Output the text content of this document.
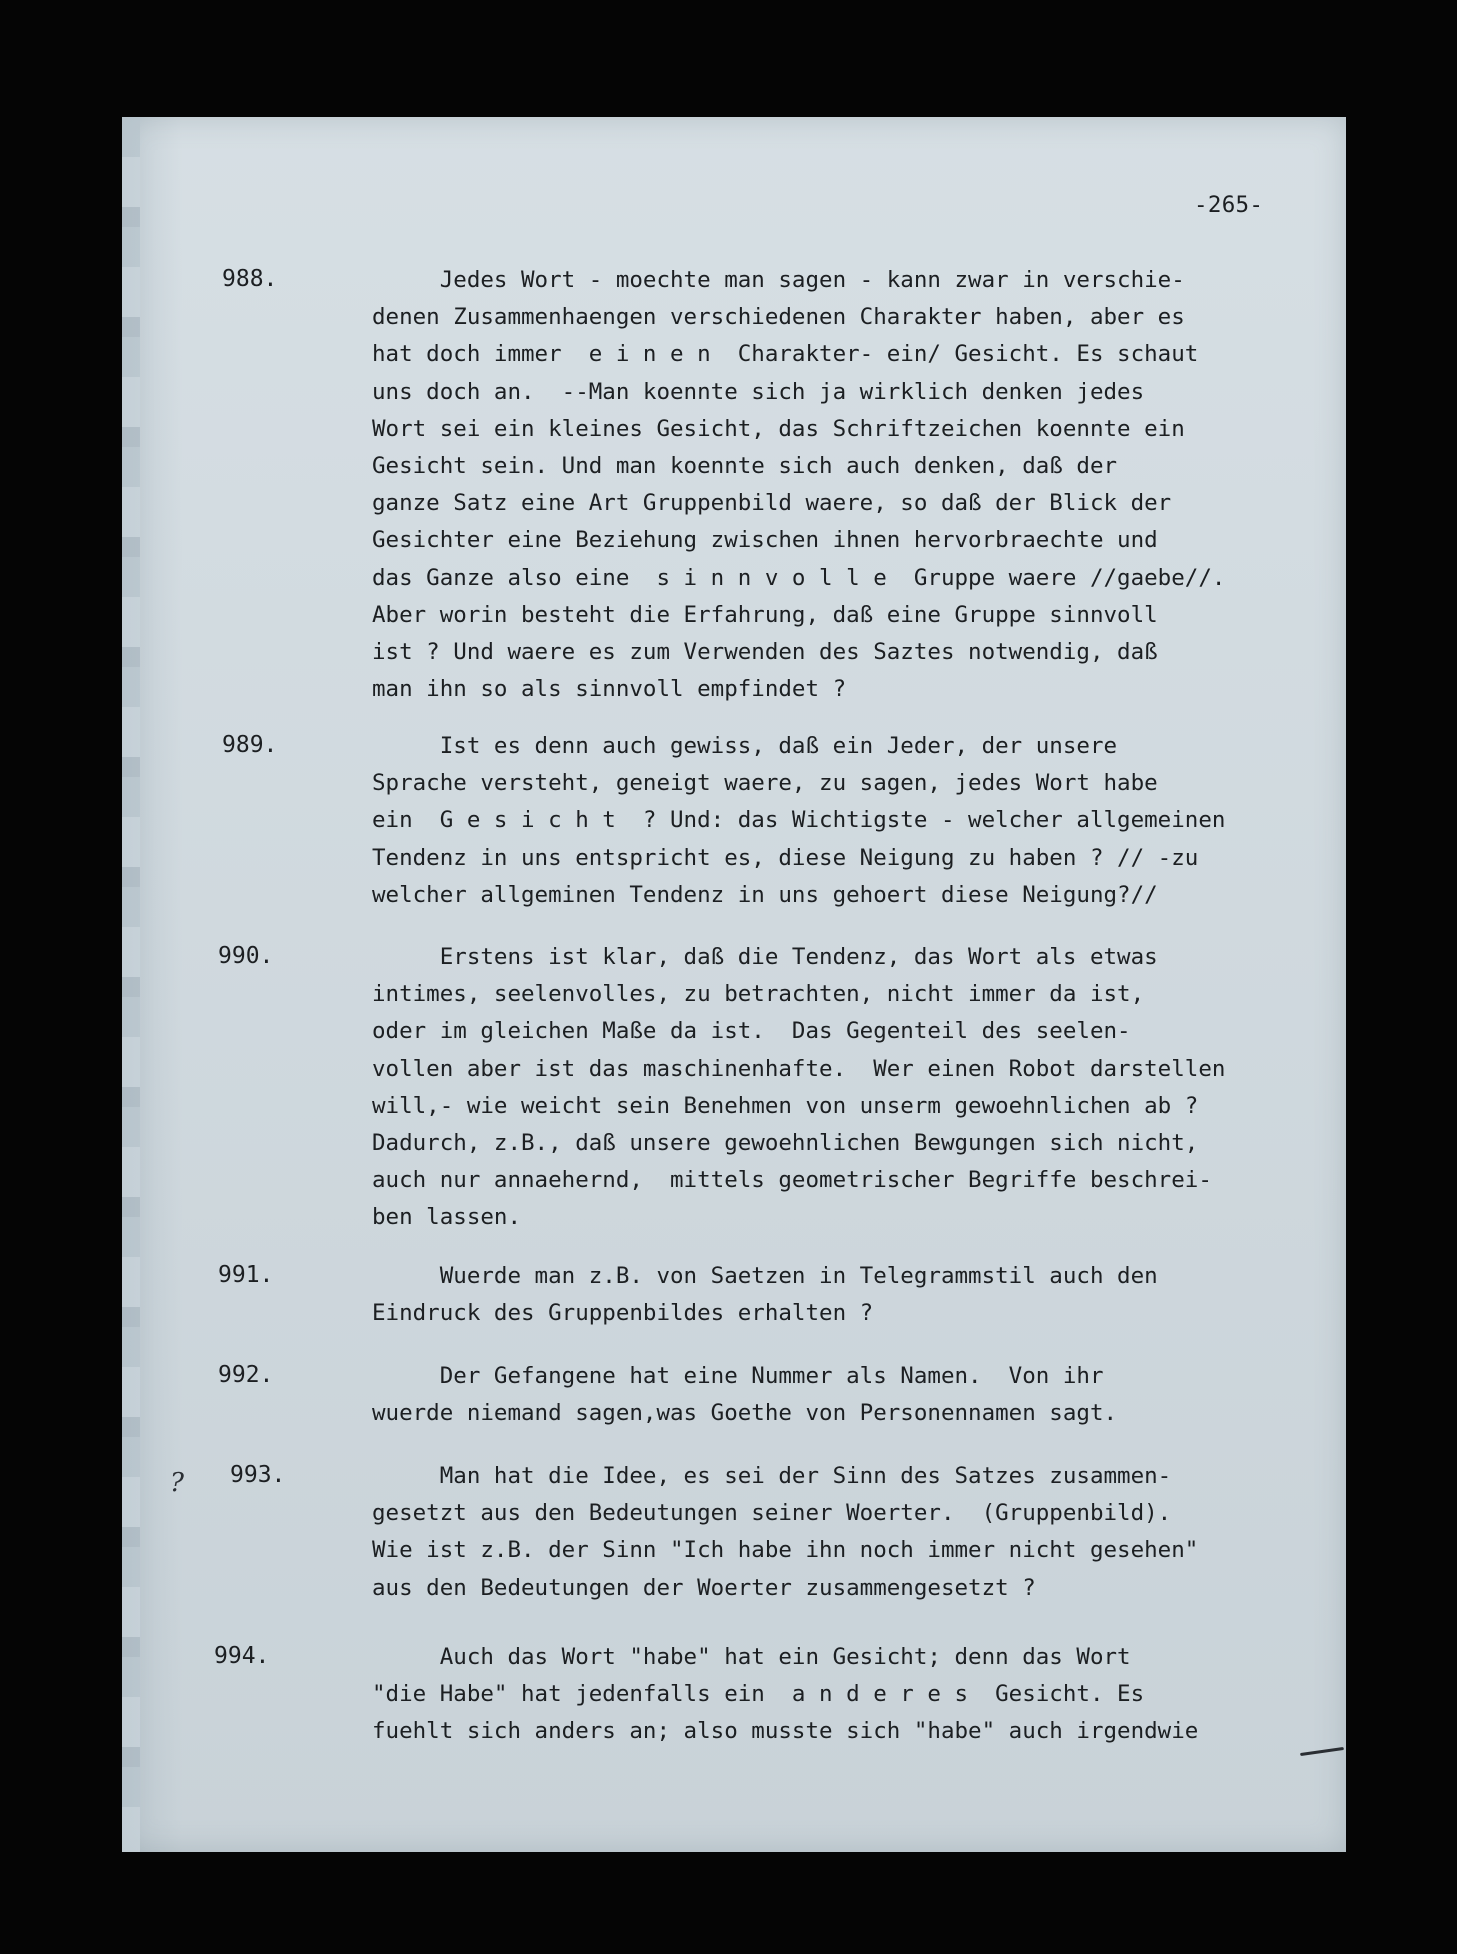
-265-
?
988.	Jedes Wort - moechte man sagen - kann zwar in verschie-
denen Zusammenhaengen verschiedenen Charakter haben, aber es
hat doch immer  e i n e n  Charakter- ein/ Gesicht. Es schaut
uns doch an.  --Man koennte sich ja wirklich denken jedes
Wort sei ein kleines Gesicht, das Schriftzeichen koennte ein
Gesicht sein. Und man koennte sich auch denken, daß der
ganze Satz eine Art Gruppenbild waere, so daß der Blick der
Gesichter eine Beziehung zwischen ihnen hervorbraechte und
das Ganze also eine  s i n n v o l l e  Gruppe waere //gaebe//.
Aber worin besteht die Erfahrung, daß eine Gruppe sinnvoll
ist ? Und waere es zum Verwenden des Saztes notwendig, daß
man ihn so als sinnvoll empfindet ?
989.	Ist es denn auch gewiss, daß ein Jeder, der unsere
Sprache versteht, geneigt waere, zu sagen, jedes Wort habe
ein  G e s i c h t  ? Und: das Wichtigste - welcher allgemeinen
Tendenz in uns entspricht es, diese Neigung zu haben ? // -zu
welcher allgeminen Tendenz in uns gehoert diese Neigung?//
990.	Erstens ist klar, daß die Tendenz, das Wort als etwas
intimes, seelenvolles, zu betrachten, nicht immer da ist,
oder im gleichen Maße da ist.  Das Gegenteil des seelen-
vollen aber ist das maschinenhafte.  Wer einen Robot darstellen
will,- wie weicht sein Benehmen von unserm gewoehnlichen ab ?
Dadurch, z.B., daß unsere gewoehnlichen Bewgungen sich nicht,
auch nur annaehernd,  mittels geometrischer Begriffe beschrei-
ben lassen.
991.	Wuerde man z.B. von Saetzen in Telegrammstil auch den
Eindruck des Gruppenbildes erhalten ?
992.	Der Gefangene hat eine Nummer als Namen.  Von ihr
wuerde niemand sagen,was Goethe von Personennamen sagt.
993.	Man hat die Idee, es sei der Sinn des Satzes zusammen-
gesetzt aus den Bedeutungen seiner Woerter.  (Gruppenbild).
Wie ist z.B. der Sinn "Ich habe ihn noch immer nicht gesehen"
aus den Bedeutungen der Woerter zusammengesetzt ?
994.	Auch das Wort "habe" hat ein Gesicht; denn das Wort
"die Habe" hat jedenfalls ein  a n d e r e s  Gesicht. Es
fuehlt sich anders an; also musste sich "habe" auch irgendwie
